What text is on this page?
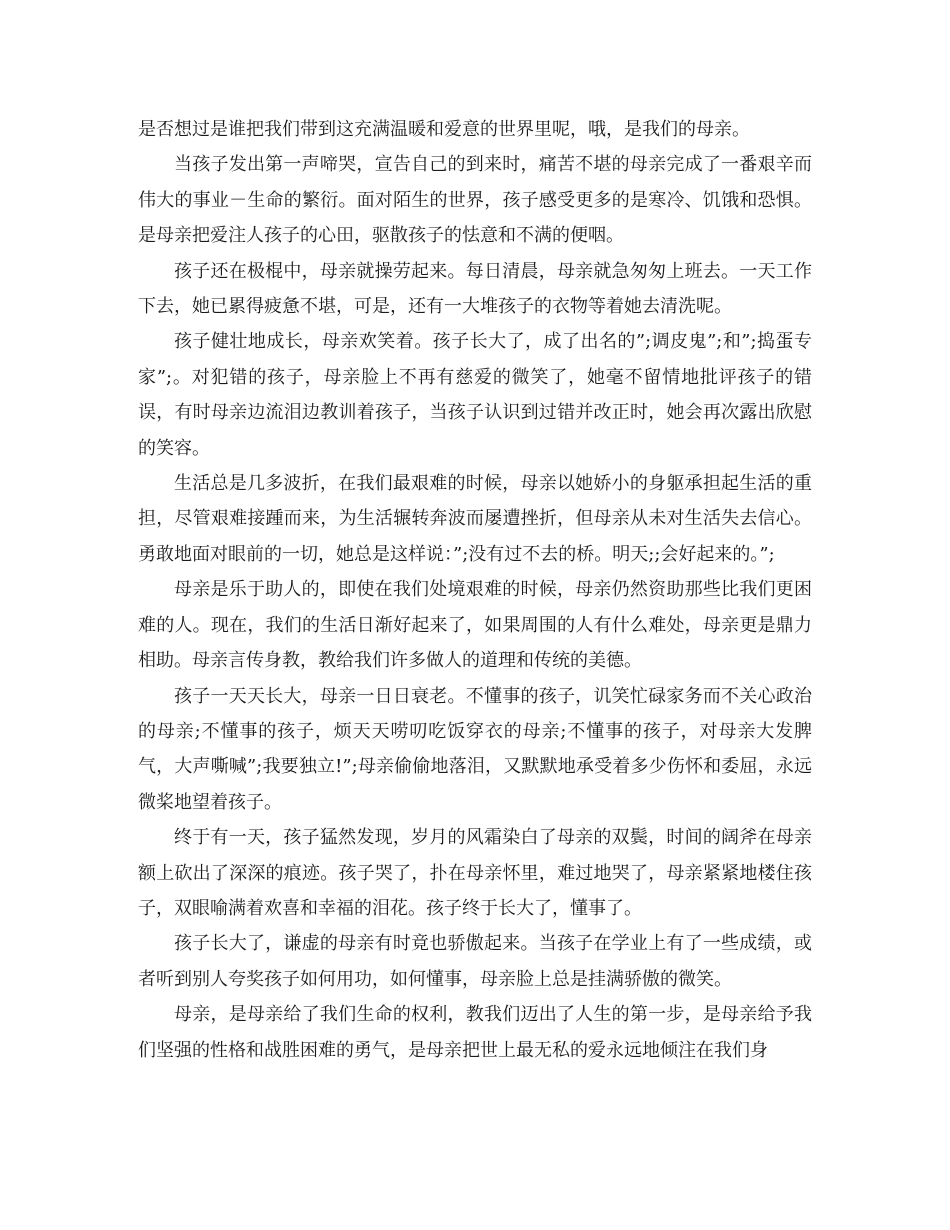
是否想过是谁把我们带到这充满温暖和爱意的世界里呢，哦，是我们的母亲。

当孩子发出第一声啼哭，宣告自己的到来时，痛苦不堪的母亲完成了一番艰辛而伟大的事业－生命的繁衍。面对陌生的世界，孩子感受更多的是寒冷、饥饿和恐惧。是母亲把爱注人孩子的心田，驱散孩子的怯意和不满的便咽。

孩子还在极棍中，母亲就操劳起来。每日清晨，母亲就急匆匆上班去。一天工作下去，她已累得疲惫不堪，可是，还有一大堆孩子的衣物等着她去清洗呢。

孩子健壮地成长，母亲欢笑着。孩子长大了，成了出名的”;调皮鬼”;和”;捣蛋专家”;。对犯错的孩子，母亲脸上不再有慈爱的微笑了，她毫不留情地批评孩子的错误，有时母亲边流泪边教训着孩子，当孩子认识到过错并改正时，她会再次露出欣慰的笑容。

生活总是几多波折，在我们最艰难的时候，母亲以她娇小的身躯承担起生活的重担，尽管艰难接踵而来，为生活辗转奔波而屡遭挫折，但母亲从未对生活失去信心。勇敢地面对眼前的一切，她总是这样说：”;没有过不去的桥。明天;;会好起来的。”;

母亲是乐于助人的，即使在我们处境艰难的时候，母亲仍然资助那些比我们更困难的人。现在，我们的生活日渐好起来了，如果周围的人有什么难处，母亲更是鼎力相助。母亲言传身教，教给我们许多做人的道理和传统的美德。

孩子一天天长大，母亲一日日衰老。不懂事的孩子，讥笑忙碌家务而不关心政治的母亲;不懂事的孩子，烦天天唠叨吃饭穿衣的母亲;不懂事的孩子，对母亲大发脾气，大声嘶喊”;我要独立!”;母亲偷偷地落泪，又默默地承受着多少伤怀和委屈，永远微桨地望着孩子。

终于有一天，孩子猛然发现，岁月的风霜染白了母亲的双鬓，时间的阔斧在母亲额上砍出了深深的痕迹。孩子哭了，扑在母亲怀里，难过地哭了，母亲紧紧地楼住孩子，双眼喻满着欢喜和幸福的泪花。孩子终于长大了，懂事了。

孩子长大了，谦虚的母亲有时竟也骄傲起来。当孩子在学业上有了一些成绩，或者听到别人夸奖孩子如何用功，如何懂事，母亲脸上总是挂满骄傲的微笑。

母亲，是母亲给了我们生命的权利，教我们迈出了人生的第一步，是母亲给予我们坚强的性格和战胜困难的勇气，是母亲把世上最无私的爱永远地倾注在我们身
